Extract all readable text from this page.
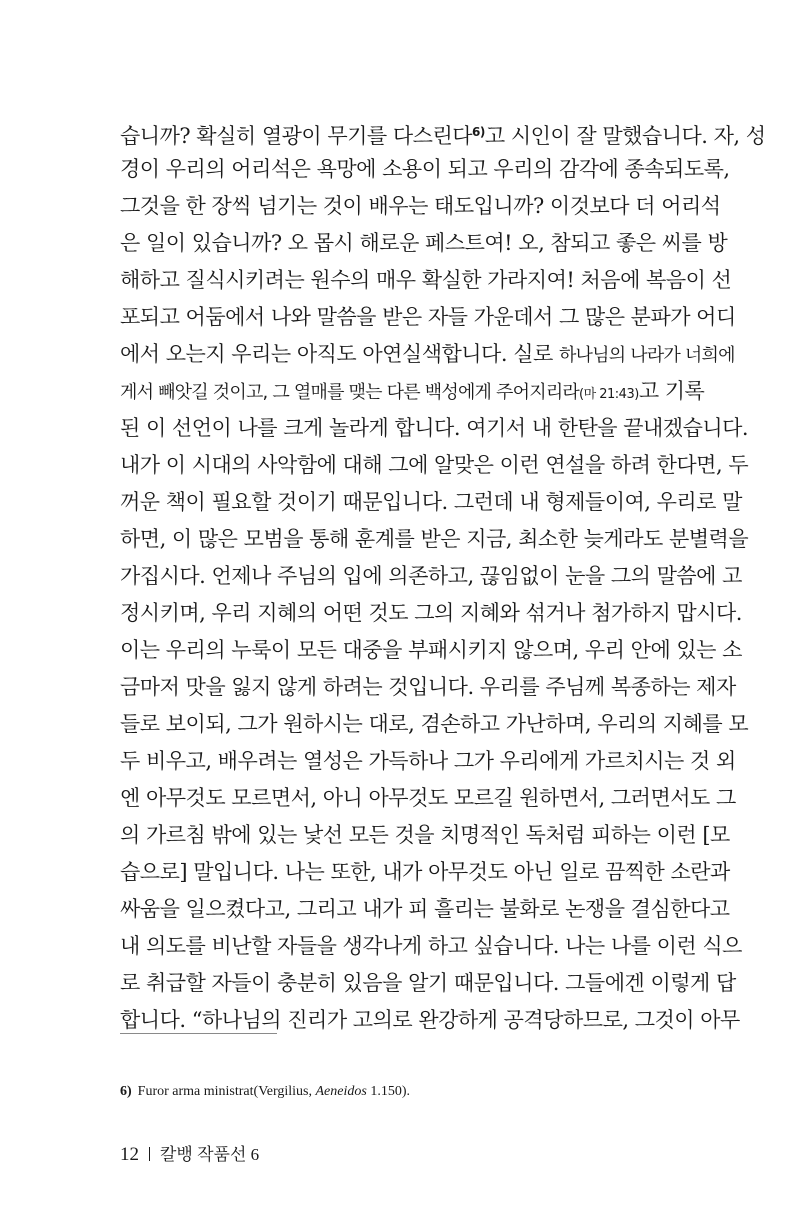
습니까? 확실히 열광이 무기를 다스린다$^{6)}$고 시인이 잘 말했습니다. 자, 성
경이 우리의 어리석은 욕망에 소용이 되고 우리의 감각에 종속되도록,
그것을 한 장씩 넘기는 것이 배우는 태도입니까? 이것보다 더 어리석
은 일이 있습니까? 오 몹시 해로운 페스트여! 오, 참되고 좋은 씨를 방
해하고 질식시키려는 원수의 매우 확실한 가라지여! 처음에 복음이 선
포되고 어둠에서 나와 말씀을 받은 자들 가운데서 그 많은 분파가 어디
에서 오는지 우리는 아직도 아연실색합니다. 실로 하나님의 나라가 너희에
게서 빼앗길 것이고, 그 열매를 맺는 다른 백성에게 주어지리라(마 21:43)고 기록
된 이 선언이 나를 크게 놀라게 합니다. 여기서 내 한탄을 끝내겠습니다.
내가 이 시대의 사악함에 대해 그에 알맞은 이런 연설을 하려 한다면, 두
꺼운 책이 필요할 것이기 때문입니다. 그런데 내 형제들이여, 우리로 말
하면, 이 많은 모범을 통해 훈계를 받은 지금, 최소한 늦게라도 분별력을
가집시다. 언제나 주님의 입에 의존하고, 끊임없이 눈을 그의 말씀에 고
정시키며, 우리 지혜의 어떤 것도 그의 지혜와 섞거나 첨가하지 맙시다.
이는 우리의 누룩이 모든 대중을 부패시키지 않으며, 우리 안에 있는 소
금마저 맛을 잃지 않게 하려는 것입니다. 우리를 주님께 복종하는 제자
들로 보이되, 그가 원하시는 대로, 겸손하고 가난하며, 우리의 지혜를 모
두 비우고, 배우려는 열성은 가득하나 그가 우리에게 가르치시는 것 외
엔 아무것도 모르면서, 아니 아무것도 모르길 원하면서, 그러면서도 그
의 가르침 밖에 있는 낯선 모든 것을 치명적인 독처럼 피하는 이런 [모
습으로] 말입니다. 나는 또한, 내가 아무것도 아닌 일로 끔찍한 소란과
싸움을 일으켰다고, 그리고 내가 피 흘리는 불화로 논쟁을 결심한다고
내 의도를 비난할 자들을 생각나게 하고 싶습니다. 나는 나를 이런 식으
로 취급할 자들이 충분히 있음을 알기 때문입니다. 그들에겐 이렇게 답
합니다. “하나님의 진리가 고의로 완강하게 공격당하므로, 그것이 아무
6) Furor arma ministrat(Vergilius, Aeneidos 1.150).
12 칼뱅 작품선 6
